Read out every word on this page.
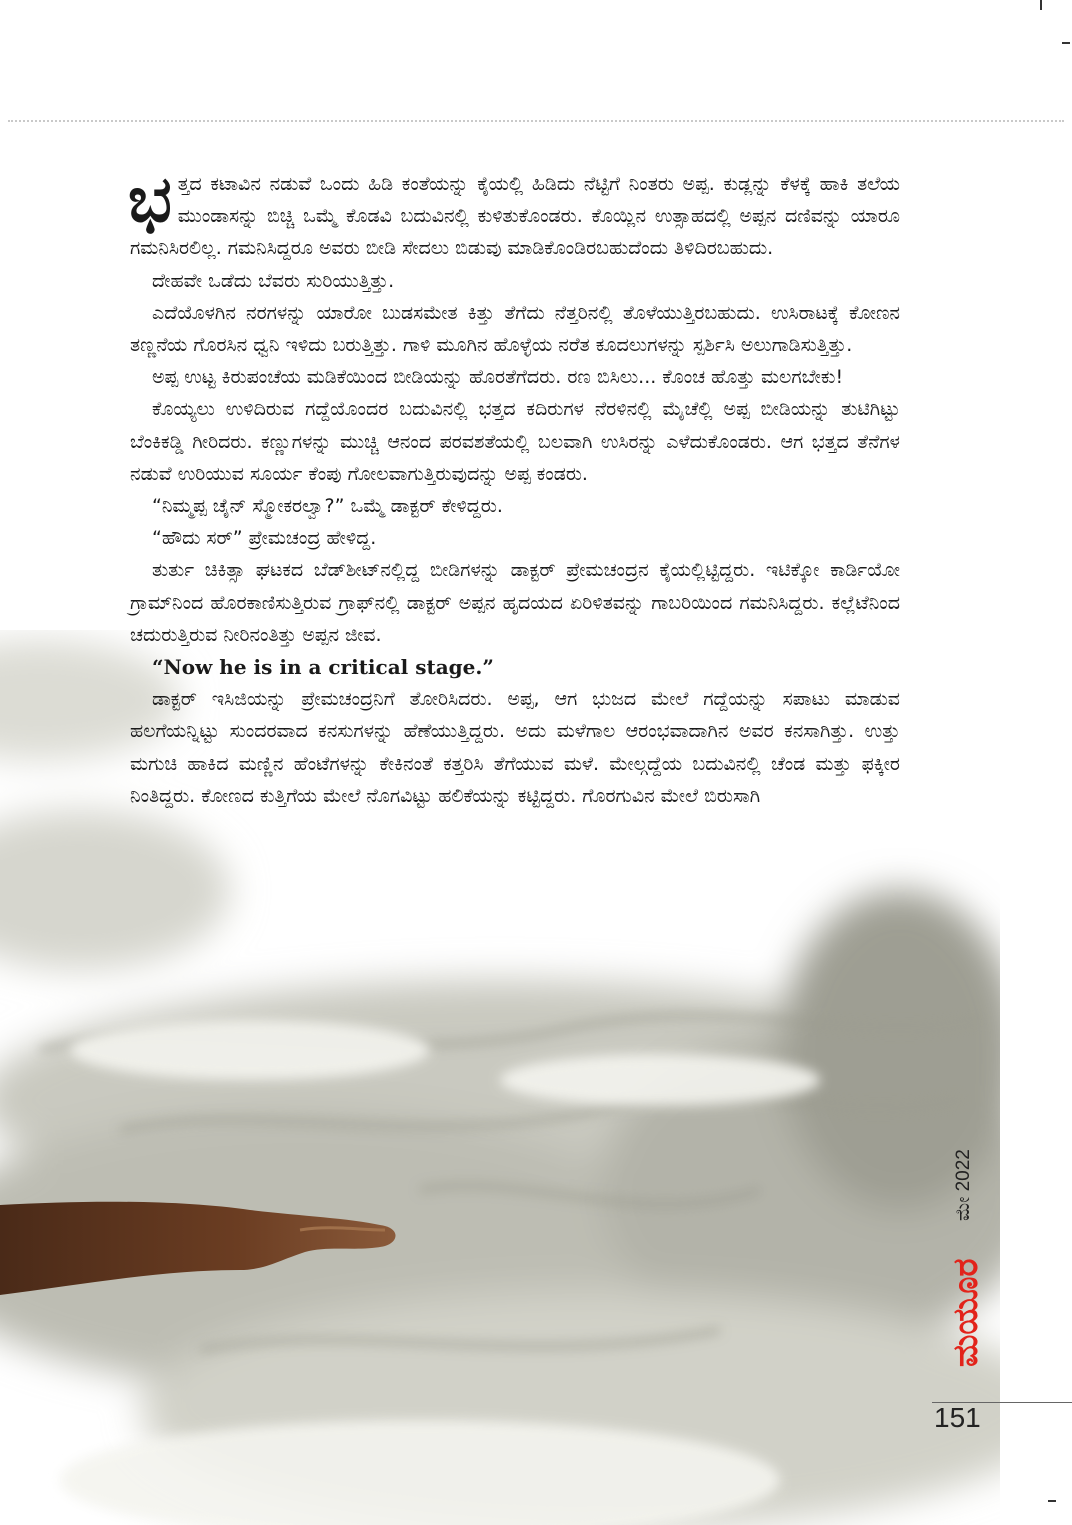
ಭತ್ತದ ಕಟಾವಿನ ನಡುವೆ ಒಂದು ಹಿಡಿ ಕಂತೆಯನ್ನು ಕೈಯಲ್ಲಿ ಹಿಡಿದು ನೆಟ್ಟಿಗೆ ನಿಂತರು ಅಪ್ಪ. ಕುಡ್ಲನ್ನು ಕೆಳಕ್ಕೆ ಹಾಕಿ ತಲೆಯ ಮುಂಡಾಸನ್ನು ಬಿಚ್ಚಿ ಒಮ್ಮೆ ಕೊಡವಿ ಬದುವಿನಲ್ಲಿ ಕುಳಿತುಕೊಂಡರು. ಕೊಯ್ಲಿನ ಉತ್ಸಾಹದಲ್ಲಿ ಅಪ್ಪನ ದಣಿವನ್ನು ಯಾರೂ ಗಮನಿಸಿರಲಿಲ್ಲ. ಗಮನಿಸಿದ್ದರೂ ಅವರು ಬೀಡಿ ಸೇದಲು ಬಿಡುವು ಮಾಡಿಕೊಂಡಿರಬಹುದೆಂದು ತಿಳಿದಿರಬಹುದು.

ದೇಹವೇ ಒಡೆದು ಬೆವರು ಸುರಿಯುತ್ತಿತ್ತು.

ಎದೆಯೊಳಗಿನ ನರಗಳನ್ನು ಯಾರೋ ಬುಡಸಮೇತ ಕಿತ್ತು ತೆಗೆದು ನೆತ್ತರಿನಲ್ಲಿ ತೊಳೆಯುತ್ತಿರಬಹುದು. ಉಸಿರಾಟಕ್ಕೆ ಕೋಣನ ತಣ್ಣನೆಯ ಗೊರಸಿನ ಧ್ವನಿ ಇಳಿದು ಬರುತ್ತಿತ್ತು. ಗಾಳಿ ಮೂಗಿನ ಹೊಳ್ಳೆಯ ನರೆತ ಕೂದಲುಗಳನ್ನು ಸ್ಪರ್ಶಿಸಿ ಅಲುಗಾಡಿಸುತ್ತಿತ್ತು.

ಅಪ್ಪ ಉಟ್ಟ ಕಿರುಪಂಚೆಯ ಮಡಿಕೆಯಿಂದ ಬೀಡಿಯನ್ನು ಹೊರತೆಗೆದರು. ರಣ ಬಿಸಿಲು... ಕೊಂಚ ಹೊತ್ತು ಮಲಗಬೇಕು!

ಕೊಯ್ಯಲು ಉಳಿದಿರುವ ಗದ್ದೆಯೊಂದರ ಬದುವಿನಲ್ಲಿ ಭತ್ತದ ಕದಿರುಗಳ ನೆರಳಿನಲ್ಲಿ ಮೈಚೆಲ್ಲಿ ಅಪ್ಪ ಬೀಡಿಯನ್ನು ತುಟಿಗಿಟ್ಟು ಬೆಂಕಿಕಡ್ಡಿ ಗೀರಿದರು. ಕಣ್ಣುಗಳನ್ನು ಮುಚ್ಚಿ ಆನಂದ ಪರವಶತೆಯಲ್ಲಿ ಬಲವಾಗಿ ಉಸಿರನ್ನು ಎಳೆದುಕೊಂಡರು. ಆಗ ಭತ್ತದ ತೆನೆಗಳ ನಡುವೆ ಉರಿಯುವ ಸೂರ್ಯ ಕೆಂಪು ಗೋಲವಾಗುತ್ತಿರುವುದನ್ನು ಅಪ್ಪ ಕಂಡರು.

“ನಿಮ್ಮಪ್ಪ ಚೈನ್ ಸ್ಮೋಕರಲ್ವಾ?” ಒಮ್ಮೆ ಡಾಕ್ಟರ್ ಕೇಳಿದ್ದರು.

“ಹೌದು ಸರ್” ಪ್ರೇಮಚಂದ್ರ ಹೇಳಿದ್ದ.

ತುರ್ತು ಚಿಕಿತ್ಸಾ ಘಟಕದ ಬೆಡ್‌ಶೀಟ್‌ನಲ್ಲಿದ್ದ ಬೀಡಿಗಳನ್ನು ಡಾಕ್ಟರ್ ಪ್ರೇಮಚಂದ್ರನ ಕೈಯಲ್ಲಿಟ್ಟಿದ್ದರು. ಇಟಿಕ್ಕೋ ಕಾರ್ಡಿಯೋ ಗ್ರಾಮ್‌ನಿಂದ ಹೊರಕಾಣಿಸುತ್ತಿರುವ ಗ್ರಾಫ್‌ನಲ್ಲಿ ಡಾಕ್ಟರ್ ಅಪ್ಪನ ಹೃದಯದ ಏರಿಳಿತವನ್ನು ಗಾಬರಿಯಿಂದ ಗಮನಿಸಿದ್ದರು. ಕಲ್ಲೆಟೆನಿಂದ ಚದುರುತ್ತಿರುವ ನೀರಿನಂತಿತ್ತು ಅಪ್ಪನ ಜೀವ.

“Now he is in a critical stage.”

ಡಾಕ್ಟರ್ ಇಸಿಜಿಯನ್ನು ಪ್ರೇಮಚಂದ್ರನಿಗೆ ತೋರಿಸಿದರು. ಅಪ್ಪ, ಆಗ ಭುಜದ ಮೇಲೆ ಗದ್ದೆಯನ್ನು ಸಪಾಟು ಮಾಡುವ ಹಲಗೆಯನ್ನಿಟ್ಟು ಸುಂದರವಾದ ಕನಸುಗಳನ್ನು ಹೆಣೆಯುತ್ತಿದ್ದರು. ಅದು ಮಳೆಗಾಲ ಆರಂಭವಾದಾಗಿನ ಅವರ ಕನಸಾಗಿತ್ತು. ಉತ್ತು ಮಗುಚಿ ಹಾಕಿದ ಮಣ್ಣಿನ ಹೆಂಟೆಗಳನ್ನು ಕೇಕಿನಂತೆ ಕತ್ತರಿಸಿ ತೆಗೆಯುವ ಮಳೆ. ಮೇಲ್ಗದ್ದೆಯ ಬದುವಿನಲ್ಲಿ ಚೆಂಡ ಮತ್ತು ಫಕ್ಕೀರ ನಿಂತಿದ್ದರು. ಕೋಣದ ಕುತ್ತಿಗೆಯ ಮೇಲೆ ನೊಗವಿಟ್ಟು ಹಲಿಕೆಯನ್ನು ಕಟ್ಟಿದ್ದರು. ಗೊರಗುವಿನ ಮೇಲೆ ಬಿರುಸಾಗಿ

ಮೇ 2022
ಮಯೂರ
151
